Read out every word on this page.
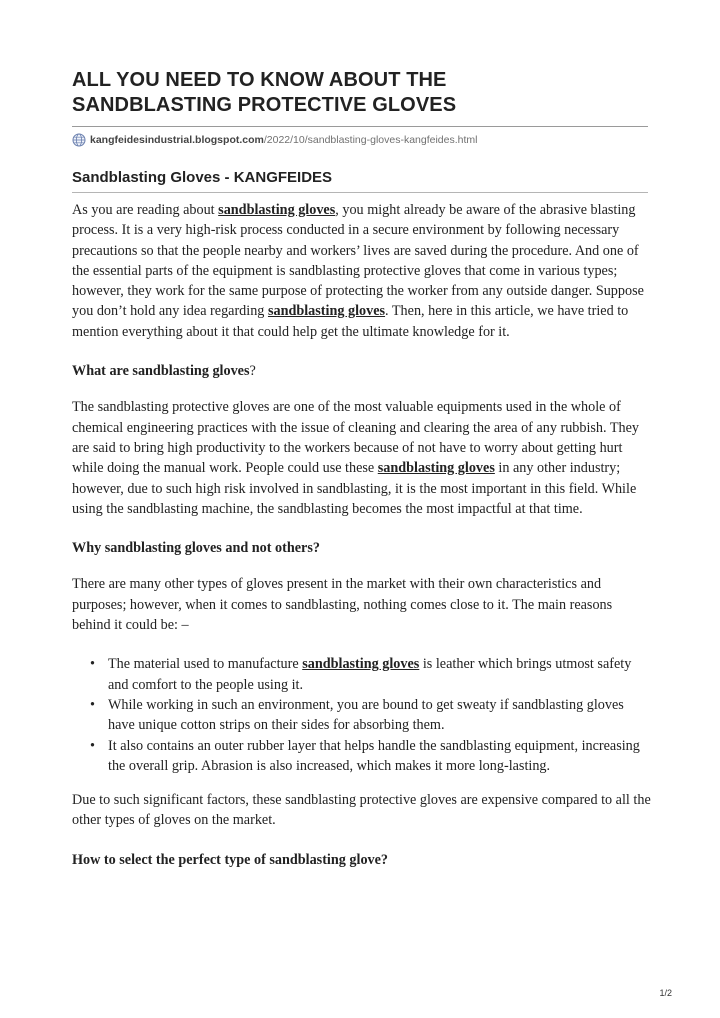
ALL YOU NEED TO KNOW ABOUT THE
SANDBLASTING PROTECTIVE GLOVES
kangfeidesindustrial.blogspot.com /2022/10/sandblasting-gloves-kangfeides.html
Sandblasting Gloves - KANGFEIDES

As you are reading about sandblasting gloves, you might already be aware of the abrasive blasting process. It is a very high-risk process conducted in a secure environment by following necessary precautions so that the people nearby and workers’ lives are saved during the procedure. And one of the essential parts of the equipment is sandblasting protective gloves that come in various types; however, they work for the same purpose of protecting the worker from any outside danger. Suppose you don’t hold any idea regarding sandblasting gloves. Then, here in this article, we have tried to mention everything about it that could help get the ultimate knowledge for it.

What are sandblasting gloves?

The sandblasting protective gloves are one of the most valuable equipments used in the whole of chemical engineering practices with the issue of cleaning and clearing the area of any rubbish. They are said to bring high productivity to the workers because of not have to worry about getting hurt while doing the manual work. People could use these sandblasting gloves in any other industry; however, due to such high risk involved in sandblasting, it is the most important in this field. While using the sandblasting machine, the sandblasting becomes the most impactful at that time.

Why sandblasting gloves and not others?

There are many other types of gloves present in the market with their own characteristics and purposes; however, when it comes to sandblasting, nothing comes close to it. The main reasons behind it could be: –

• The material used to manufacture sandblasting gloves is leather which brings utmost safety and comfort to the people using it.
• While working in such an environment, you are bound to get sweaty if sandblasting gloves have unique cotton strips on their sides for absorbing them.
• It also contains an outer rubber layer that helps handle the sandblasting equipment, increasing the overall grip. Abrasion is also increased, which makes it more long-lasting.

Due to such significant factors, these sandblasting protective gloves are expensive compared to all the other types of gloves on the market.

How to select the perfect type of sandblasting glove?
1/2
